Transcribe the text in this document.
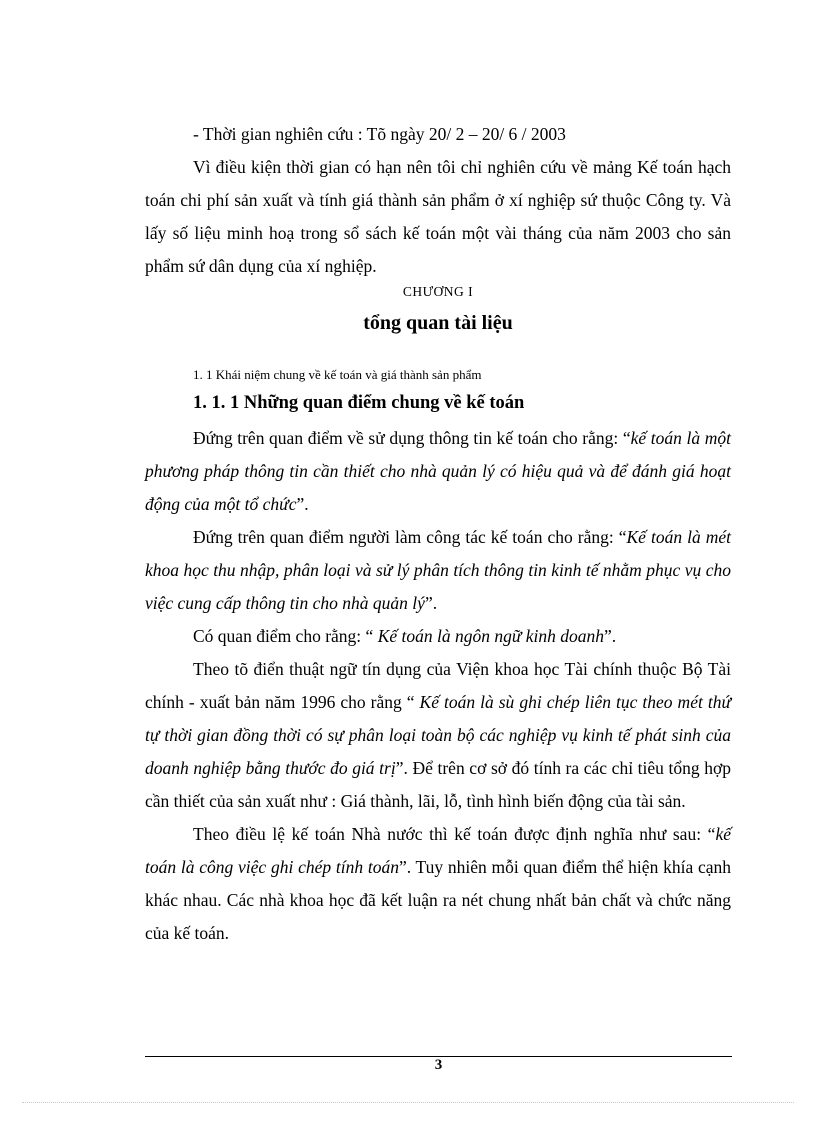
- Thời gian nghiên cứu : Tõ ngày 20/ 2 – 20/ 6 / 2003

Vì điều kiện thời gian có hạn nên tôi chỉ nghiên cứu về mảng Kế toán hạch toán chi phí sản xuất và tính giá thành sản phẩm ở xí nghiệp sứ thuộc Công ty. Và lấy số liệu minh hoạ trong sổ sách kế toán một vài tháng của năm 2003 cho sản phẩm sứ dân dụng của xí nghiệp.

CHƯƠNG I
tổng quan tài liệu
1. 1 Khái niệm chung về kế toán và giá thành sản phẩm
1. 1. 1 Những quan điểm chung về kế toán

Đứng trên quan điểm về sử dụng thông tin kế toán cho rằng: “kế toán là một phương pháp thông tin cần thiết cho nhà quản lý có hiệu quả và để đánh giá hoạt động của một tổ chức”.

Đứng trên quan điểm người làm công tác kế toán cho rằng: “Kế toán là mét khoa học thu nhập, phân loại và sử lý phân tích thông tin kinh tế nhằm phục vụ cho việc cung cấp thông tin cho nhà quản lý”.

Có quan điểm cho rằng: “ Kế toán là ngôn ngữ kinh doanh”.

Theo tõ điển thuật ngữ tín dụng của Viện khoa học Tài chính thuộc Bộ Tài chính - xuất bản năm 1996 cho rằng “ Kế toán là sù ghi chép liên tục theo mét thứ tự thời gian đồng thời có sự phân loại toàn bộ các nghiệp vụ kinh tế phát sinh của doanh nghiệp bằng thước đo giá trị”. Để trên cơ sở đó tính ra các chỉ tiêu tổng hợp cần thiết của sản xuất như : Giá thành, lãi, lỗ, tình hình biến động của tài sản.

Theo điều lệ kế toán Nhà nước thì kế toán được định nghĩa như sau: “kế toán là công việc ghi chép tính toán”. Tuy nhiên mỗi quan điểm thể hiện khía cạnh khác nhau. Các nhà khoa học đã kết luận ra nét chung nhất bản chất và chức năng của kế toán.

3
